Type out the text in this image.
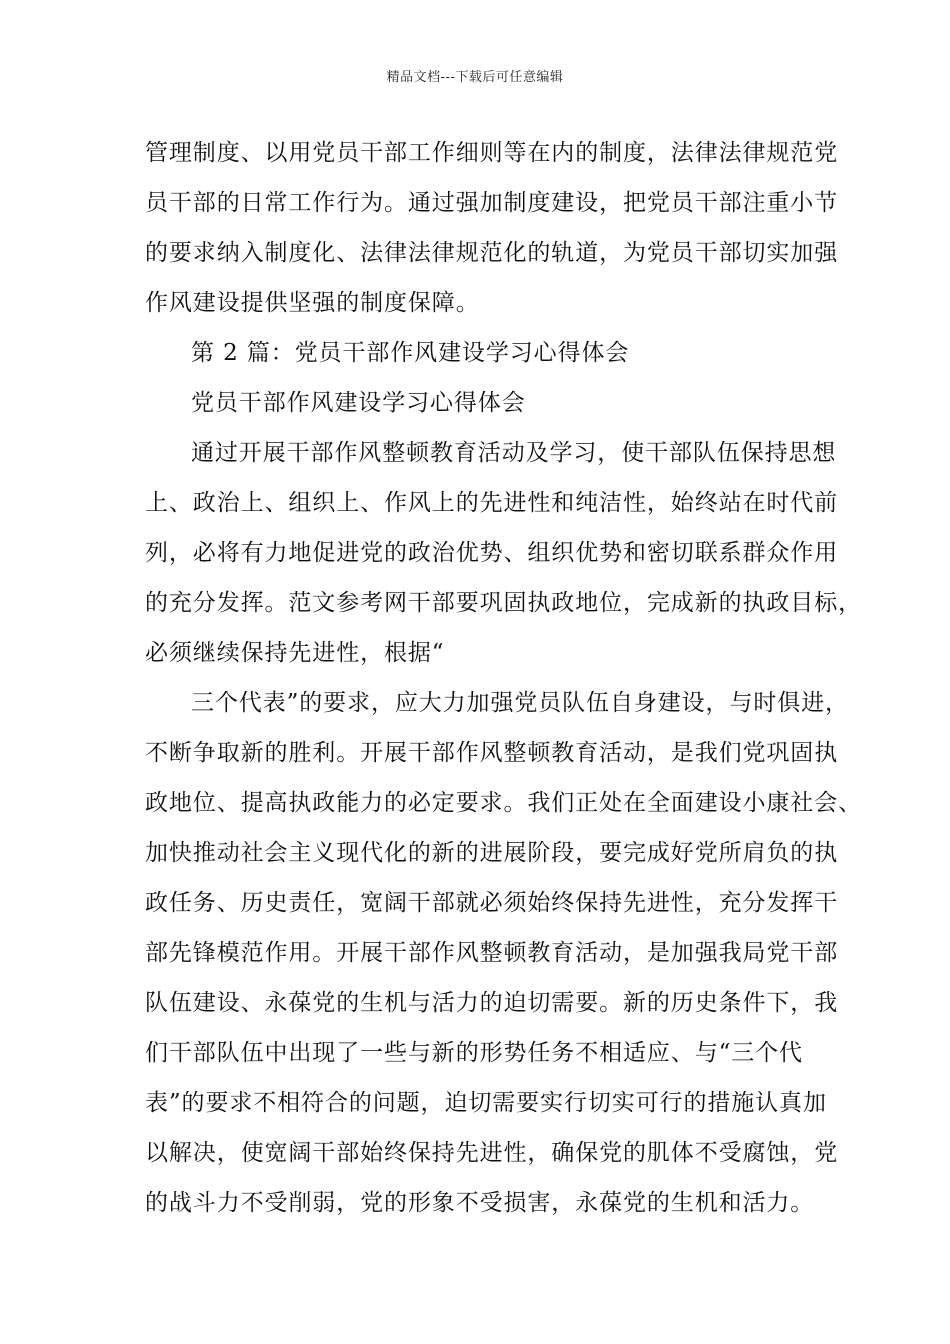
精品文档---下载后可任意编辑
管理制度、以用党员干部工作细则等在内的制度，法律法律规范党
员干部的日常工作行为。通过强加制度建设，把党员干部注重小节
的要求纳入制度化、法律法律规范化的轨道，为党员干部切实加强
作风建设提供坚强的制度保障。
第 2 篇：党员干部作风建设学习心得体会
党员干部作风建设学习心得体会
通过开展干部作风整顿教育活动及学习，使干部队伍保持思想
上、政治上、组织上、作风上的先进性和纯洁性，始终站在时代前
列，必将有力地促进党的政治优势、组织优势和密切联系群众作用
的充分发挥。范文参考网干部要巩固执政地位，完成新的执政目标，
必须继续保持先进性，根据“
三个代表”的要求，应大力加强党员队伍自身建设，与时俱进，
不断争取新的胜利。开展干部作风整顿教育活动，是我们党巩固执
政地位、提高执政能力的必定要求。我们正处在全面建设小康社会、
加快推动社会主义现代化的新的进展阶段，要完成好党所肩负的执
政任务、历史责任，宽阔干部就必须始终保持先进性，充分发挥干
部先锋模范作用。开展干部作风整顿教育活动，是加强我局党干部
队伍建设、永葆党的生机与活力的迫切需要。新的历史条件下，我
们干部队伍中出现了一些与新的形势任务不相适应、与“三个代
表”的要求不相符合的问题，迫切需要实行切实可行的措施认真加
以解决，使宽阔干部始终保持先进性，确保党的肌体不受腐蚀，党
的战斗力不受削弱，党的形象不受损害，永葆党的生机和活力。
